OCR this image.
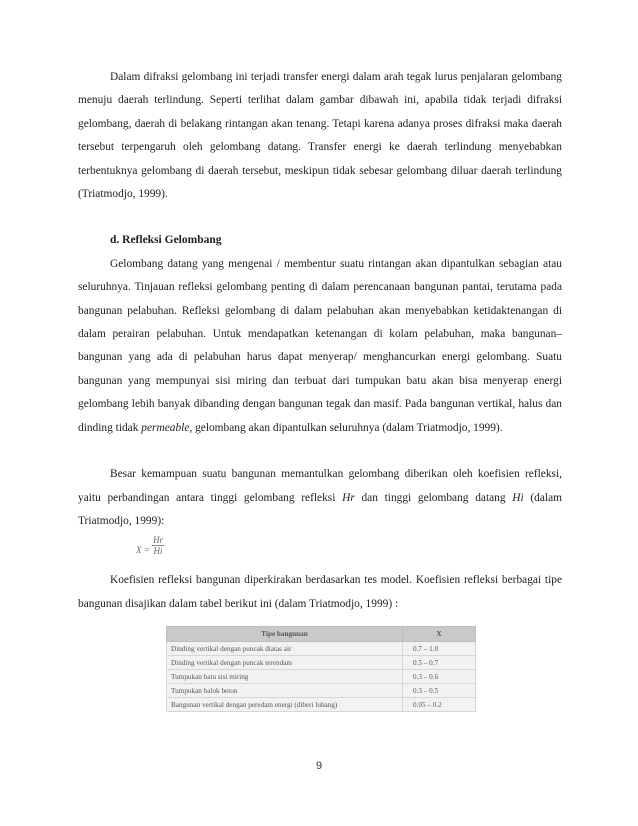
Dalam difraksi gelombang ini terjadi transfer energi dalam arah tegak lurus penjalaran gelombang menuju daerah terlindung. Seperti terlihat dalam gambar dibawah ini, apabila tidak terjadi difraksi gelombang, daerah di belakang rintangan akan tenang. Tetapi karena adanya proses difraksi maka daerah tersebut terpengaruh oleh gelombang datang. Transfer energi ke daerah terlindung menyebabkan terbentuknya gelombang di daerah tersebut, meskipun tidak sebesar gelombang diluar daerah terlindung (Triatmodjo, 1999).

d. Refleksi Gelombang

Gelombang datang yang mengenai / membentur suatu rintangan akan dipantulkan sebagian atau seluruhnya. Tinjauan refleksi gelombang penting di dalam perencanaan bangunan pantai, terutama pada bangunan pelabuhan. Refleksi gelombang di dalam pelabuhan akan menyebabkan ketidaktenangan di dalam perairan pelabuhan. Untuk mendapatkan ketenangan di kolam pelabuhan, maka bangunan–bangunan yang ada di pelabuhan harus dapat menyerap/ menghancurkan energi gelombang. Suatu bangunan yang mempunyai sisi miring dan terbuat dari tumpukan batu akan bisa menyerap energi gelombang lebih banyak dibanding dengan bangunan tegak dan masif. Pada bangunan vertikal, halus dan dinding tidak permeable, gelombang akan dipantulkan seluruhnya (dalam Triatmodjo, 1999).

Besar kemampuan suatu bangunan memantulkan gelombang diberikan oleh koefisien refleksi, yaitu perbandingan antara tinggi gelombang refleksi Hr dan tinggi gelombang datang Hi (dalam Triatmodjo, 1999):

$X = \frac{Hr}{Hi}$

Koefisien refleksi bangunan diperkirakan berdasarkan tes model. Koefisien refleksi berbagai tipe bangunan disajikan dalam tabel berikut ini (dalam Triatmodjo, 1999) :

Tipe bangunan	X
Dinding vertikal dengan puncak diatas air	0.7 – 1.0
Dinding vertikal dengan puncak terendam	0.5 – 0.7
Tumpukan batu sisi miring	0.3 – 0.6
Tumpukan balok beton	0.3 – 0.5
Bangunan vertikal dengan peredam energi (diberi lubang)	0.05 – 0.2
9
